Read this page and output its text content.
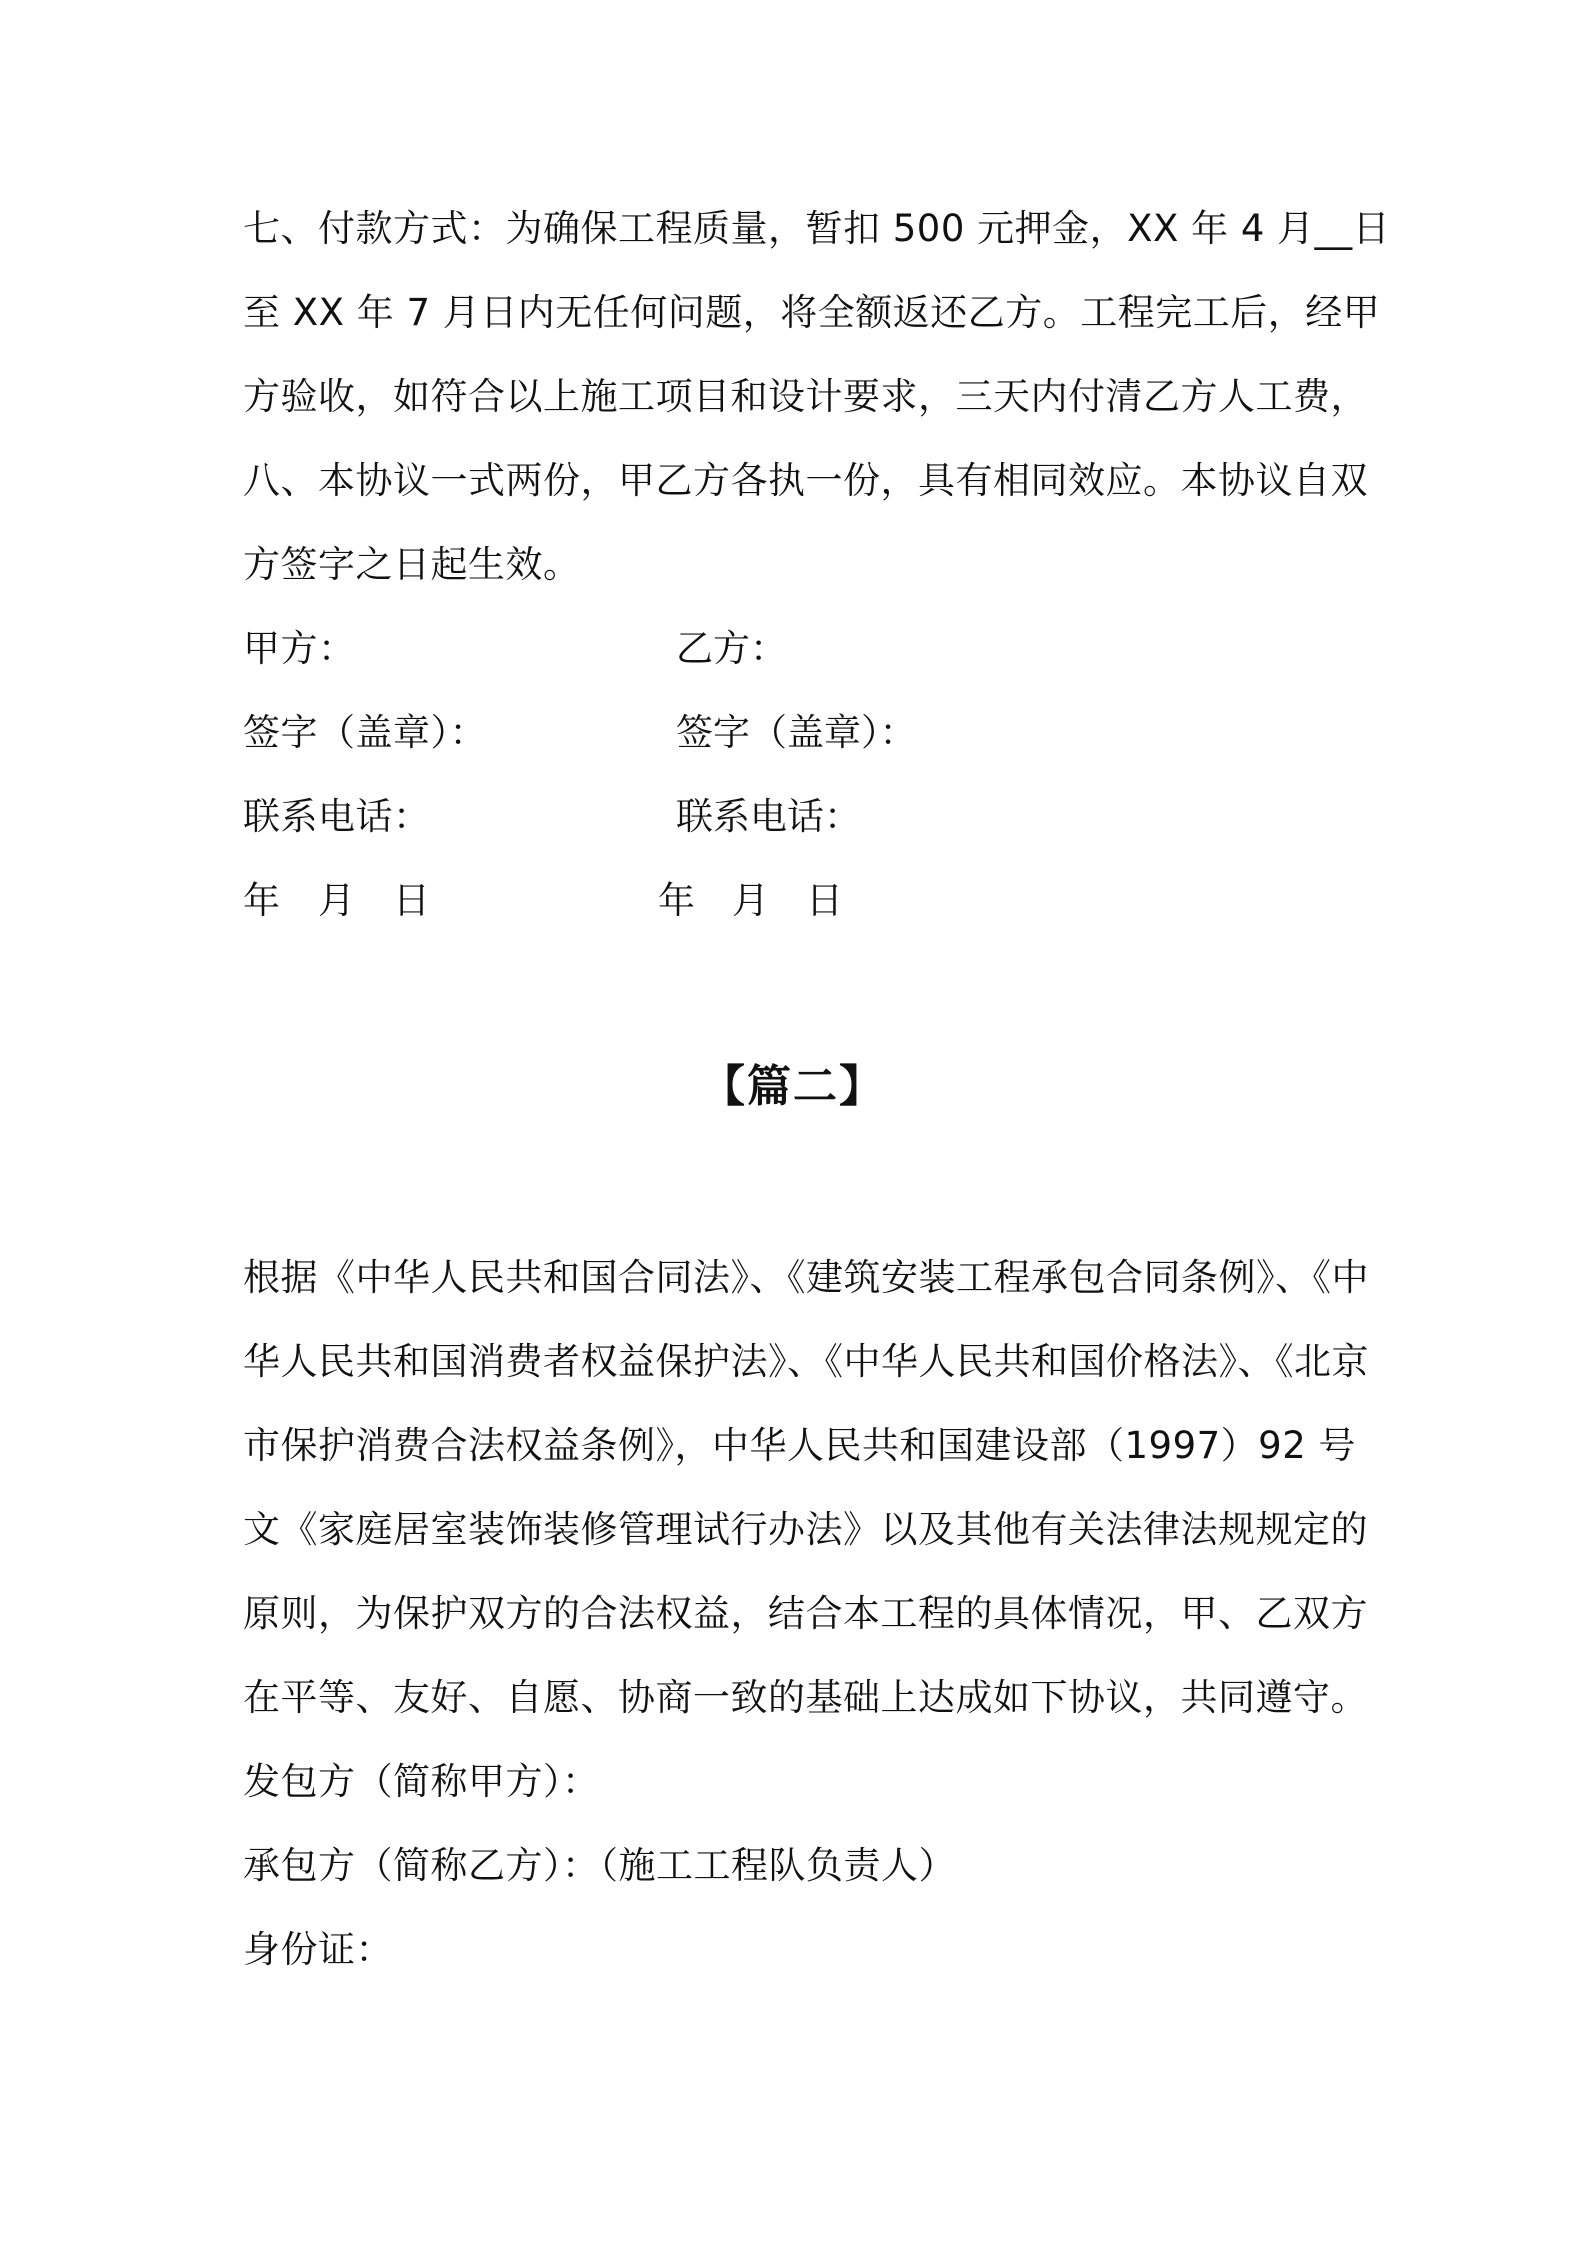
七、付款方式：为确保工程质量，暂扣 500 元押金，XX 年 4 月__日
至 XX 年 7 月日内无任何问题，将全额返还乙方。工程完工后，经甲
方验收，如符合以上施工项目和设计要求，三天内付清乙方人工费，
八、本协议一式两份，甲乙方各执一份，具有相同效应。本协议自双
方签字之日起生效。
甲方：	乙方：
签字（盖章）：	签字（盖章）：
联系电话：	联系电话：
年　月　日	年　月　日
【篇二】
根据《中华人民共和国合同法》、《建筑安装工程承包合同条例》、《中
华人民共和国消费者权益保护法》、《中华人民共和国价格法》、《北京
市保护消费合法权益条例》，中华人民共和国建设部（1997）92 号
文《家庭居室装饰装修管理试行办法》以及其他有关法律法规规定的
原则，为保护双方的合法权益，结合本工程的具体情况，甲、乙双方
在平等、友好、自愿、协商一致的基础上达成如下协议，共同遵守。
发包方（简称甲方）：
承包方（简称乙方）：（施工工程队负责人）
身份证：
